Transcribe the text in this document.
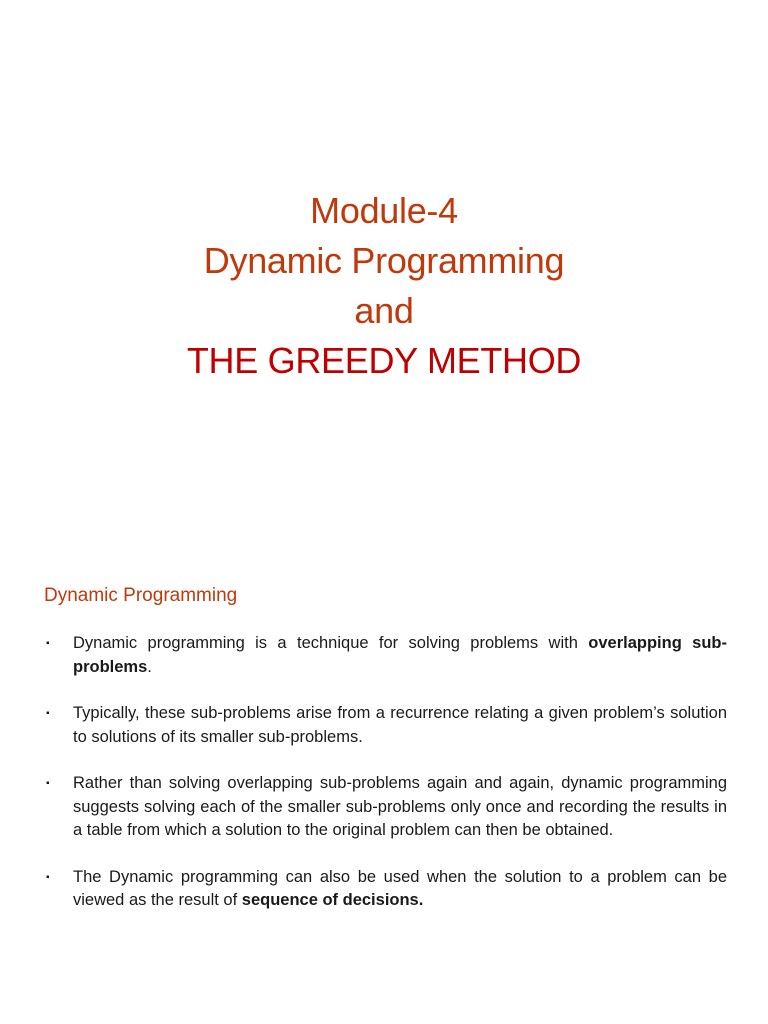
Module-4
Dynamic Programming
and
THE GREEDY METHOD
Dynamic Programming
▪ Dynamic programming is a technique for solving problems with overlapping sub-problems.
▪ Typically, these sub-problems arise from a recurrence relating a given problem’s solution to solutions of its smaller sub-problems.
▪ Rather than solving overlapping sub-problems again and again, dynamic programming suggests solving each of the smaller sub-problems only once and recording the results in a table from which a solution to the original problem can then be obtained.
▪ The Dynamic programming can also be used when the solution to a problem can be viewed as the result of sequence of decisions.
